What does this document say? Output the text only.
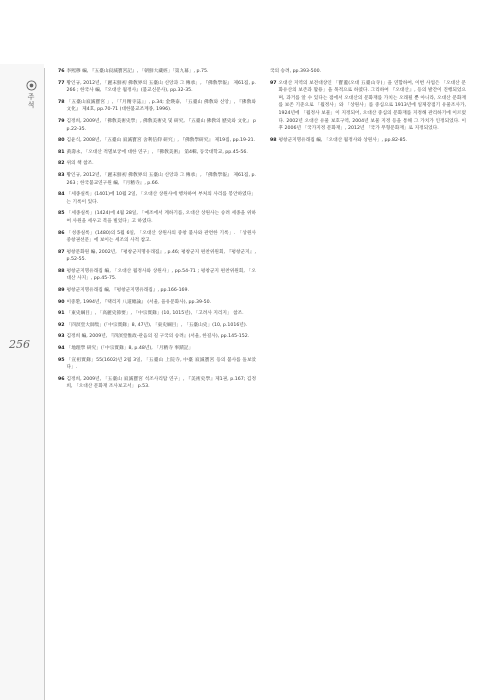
주석
256
76 李熙穆 編, 『五臺山寂滅寶宮記』, 「朝鮮大藏經」「第九幕」, p.75.
77 황인규, 2012년, 「麗末鮮初 佛敎界의 五臺山 신앙과 그 傳承」, 『佛敎學報』 제61집, p.266 ; 한국사 編, 『오대산 월정사』(불교신문사), pp.32-35.
78 「五臺山寂滅寶宮 」, 「『月精寺誌』」, p.34; 金煐泰, 「五臺山 佛敎와 신앙」, 『佛敎와 文化』 제4호, pp.70-71 (대한불교조계종, 1996).
79 김정희, 2009년, 「佛敎美術史學」, 佛敎美術史 및 研究, 『五臺山 佛敎의 歷史와 文化』 pp.22-35.
80 김윤식, 2008년, 「五臺山 寂滅寶宮 舍利信仰 研究」, 『佛敎學研究』 제19집, pp.19-21.
81 黃壽永, 「오대산 적멸보궁에 대한 연구」, 『佛敎美術』 第4輯, 동국대학교, pp.45-56.
82 위의 책 참조.
83 황인규, 2012년, 「麗末鮮初 佛敎界의 五臺山 신앙과 그 傳承」, 『佛敎學報』 제61집, p.263 ; 한국불교연구원 編, 『月精寺』, p.66.
84 「세종실록」(1401)에 10월 2일, 「오대산 상원사에 행차하여 부처의 사리를 봉안하였다」는 기록이 있다.
85 「세종실록」(1424)에 4월 28일, 「예조에서 계하기를, 오대산 상원사는 승려 세종을 위하여 사원을 세우고 복을 빌었다」고 하였다.
86 「성종실록」(1480)의 5월 6일, 「오대산 상원사의 중창 불사와 관련한 기록」. 「상원사 중창권선문」에 보이는 세조의 사적 참고.
87 평창문화원 編, 2002년, 『평창군지명유래집』, p.46; 평창군지 편찬위원회, 『평창군지』, p.52-55.
88 평창군지명유래집 編, 「오대산 월정사와 상원사」, pp.54-71 ; 평창군지 편찬위원회, 「오대산 사지」, pp.45-75.
89 평창군지명유래집 編, 『평창군지명유래집』, pp.166-169.
90 이중환, 1994년, 『택리지 八道總論』 (서울, 을유문화사), pp.39-50.
91 「東史綱目」, 「高麗史節要」, 「中宗實錄」(10, 1015년), 「고려사 지리지」 참조.
92 「四溟堂大師集」(「中宗實錄」8, 47년), 「東史綱目」, 「五臺山史」(10, p.1016년).
93 김정희 編, 2009년, 『四溟堂惟政-관음의 길 구국의 승려』(서울, 한길사), pp.145-152.
94 「地理學 研究」(「中宗實錄」8, p.48년), 「月精寺 事蹟記」
95 「宣祖實錄」55(1602)년 2월 3일, 「五臺山 上院寺, 中臺 寂滅寶宮 등의 불사를 돌보았다」.
96 김정희, 2009년, 「五臺山 寂滅寶宮 석조사리탑 연구」, 『美術史學』제1권, p.167; 김정희, 「오대산 문화재 조사보고서」 p.53.
국의 승려, pp.393-500.
97 오대산 지역의 보전대상인 「寶蓋(오대 五臺山寺)」을 연합하여, 이번 사업은 「오대산 문화유산의 보존과 활용」을 목적으로 하였다. 그리하여 『오대산』, 등의 발간이 진행되었으며, 과거를 알 수 있다는 점에서 오대산의 문화재를 가치는 오래될 뿐 아니라, 오대산 문화재를 보존 기준으로 「월정사」와 「상원사」를 중심으로 1913년에 일제강점기 유물조사가, 1924년에 「월정사 보물」이 지정되어, 오대산 중심의 문화재를 지정해 관리하기에 이르렀다. 2002년 오대산 유물 보호구역, 2004년 보물 지정 등을 통해 그 가치가 인정되었다. 이후 2006년 「국가지정 문화재」, 2012년 「국가 무형문화재」로 지정되었다.
98 평창군지명유래집 編, 「오대산 월정사와 상원사」, pp.82-85.
